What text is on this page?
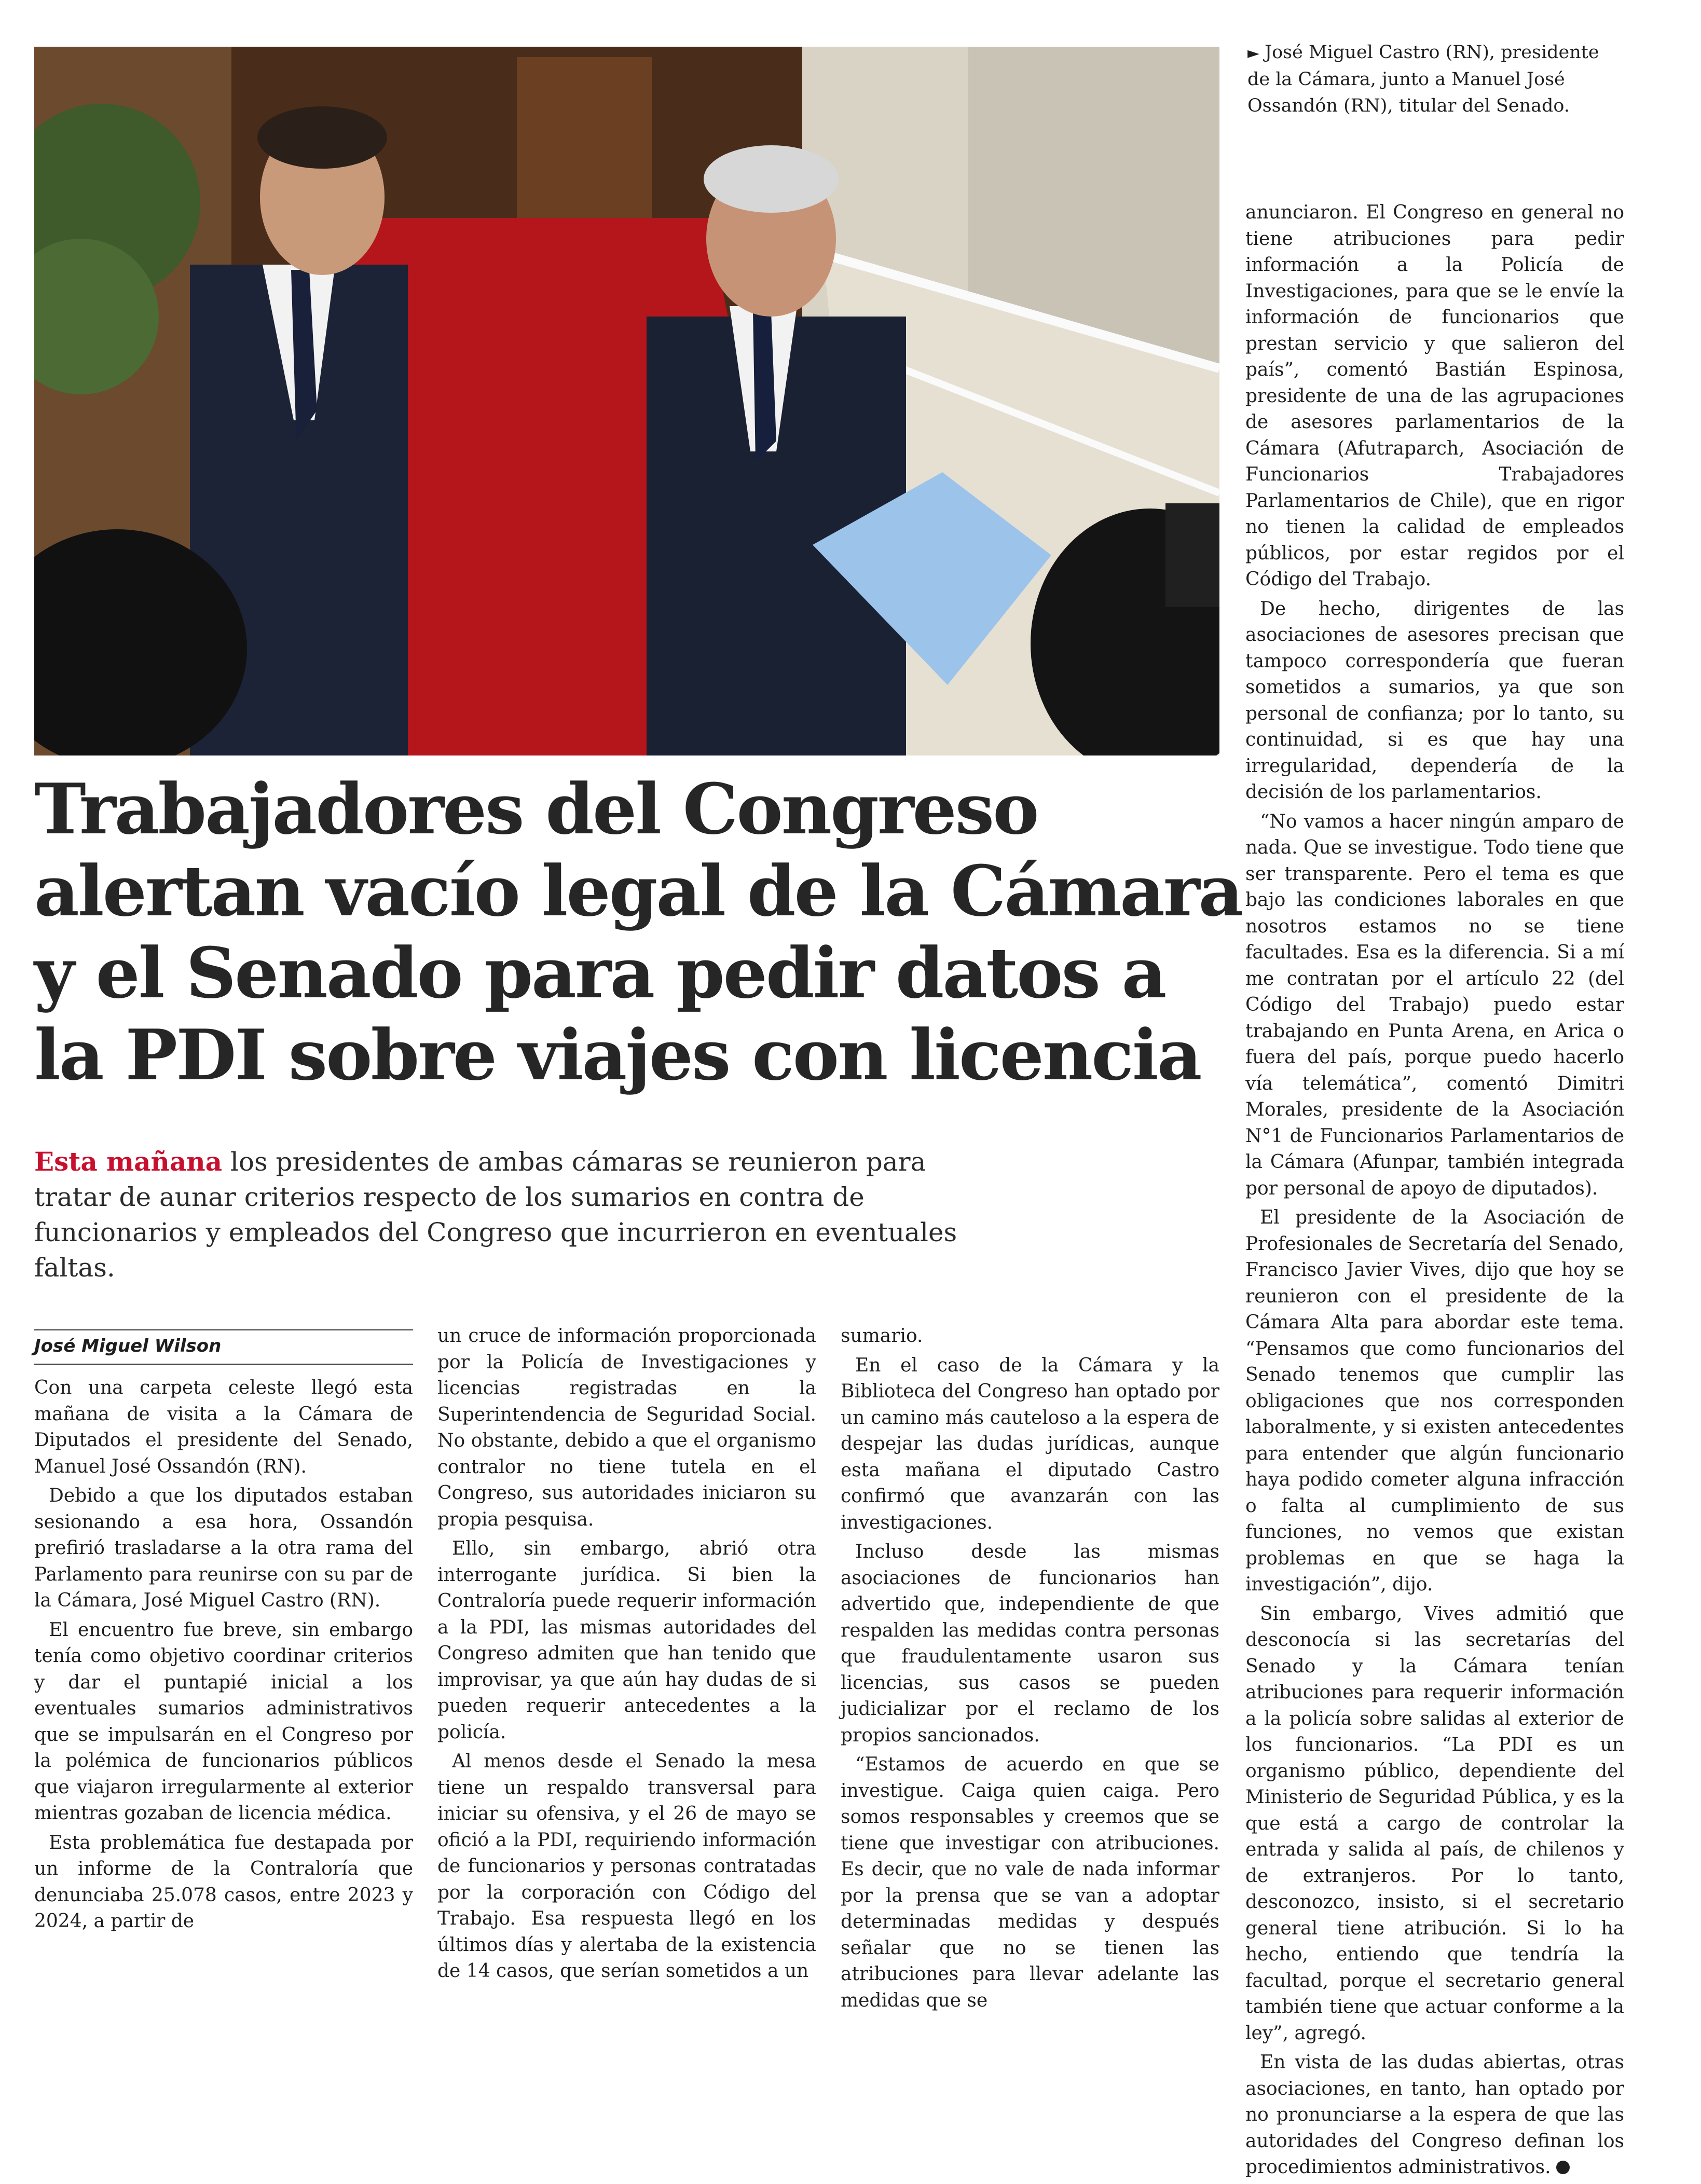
► José Miguel Castro (RN), presidente de la Cámara, junto a Manuel José Ossandón (RN), titular del Senado.
Trabajadores del Congreso
alertan vacío legal de la Cámara
y el Senado para pedir datos a
la PDI sobre viajes con licencia
Esta mañana los presidentes de ambas cámaras se reunieron para tratar de aunar criterios respecto de los sumarios en contra de funcionarios y empleados del Congreso que incurrieron en eventuales faltas.
José Miguel Wilson

Con una carpeta celeste llegó esta mañana de visita a la Cámara de Diputados el presidente del Senado, Manuel José Ossandón (RN).

Debido a que los diputados estaban sesionando a esa hora, Ossandón prefirió trasladarse a la otra rama del Parlamento para reunirse con su par de la Cámara, José Miguel Castro (RN).

El encuentro fue breve, sin embargo tenía como objetivo coordinar criterios y dar el puntapié inicial a los eventuales sumarios administrativos que se impulsarán en el Congreso por la polémica de funcionarios públicos que viajaron irregularmente al exterior mientras gozaban de licencia médica.

Esta problemática fue destapada por un informe de la Contraloría que denunciaba 25.078 casos, entre 2023 y 2024, a partir de

un cruce de información proporcionada por la Policía de Investigaciones y licencias registradas en la Superintendencia de Seguridad Social. No obstante, debido a que el organismo contralor no tiene tutela en el Congreso, sus autoridades iniciaron su propia pesquisa.

Ello, sin embargo, abrió otra interrogante jurídica. Si bien la Contraloría puede requerir información a la PDI, las mismas autoridades del Congreso admiten que han tenido que improvisar, ya que aún hay dudas de si pueden requerir antecedentes a la policía.

Al menos desde el Senado la mesa tiene un respaldo transversal para iniciar su ofensiva, y el 26 de mayo se ofició a la PDI, requiriendo información de funcionarios y personas contratadas por la corporación con Código del Trabajo. Esa respuesta llegó en los últimos días y alertaba de la existencia de 14 casos, que serían sometidos a un

sumario.

En el caso de la Cámara y la Biblioteca del Congreso han optado por un camino más cauteloso a la espera de despejar las dudas jurídicas, aunque esta mañana el diputado Castro confirmó que avanzarán con las investigaciones.

Incluso desde las mismas asociaciones de funcionarios han advertido que, independiente de que respalden las medidas contra personas que fraudulentamente usaron sus licencias, sus casos se pueden judicializar por el reclamo de los propios sancionados.

“Estamos de acuerdo en que se investigue. Caiga quien caiga. Pero somos responsables y creemos que se tiene que investigar con atribuciones. Es decir, que no vale de nada informar por la prensa que se van a adoptar determinadas medidas y después señalar que no se tienen las atribuciones para llevar adelante las medidas que se

anunciaron. El Congreso en general no tiene atribuciones para pedir información a la Policía de Investigaciones, para que se le envíe la información de funcionarios que prestan servicio y que salieron del país”, comentó Bastián Espinosa, presidente de una de las agrupaciones de asesores parlamentarios de la Cámara (Afutraparch, Asociación de Funcionarios Trabajadores Parlamentarios de Chile), que en rigor no tienen la calidad de empleados públicos, por estar regidos por el Código del Trabajo.

De hecho, dirigentes de las asociaciones de asesores precisan que tampoco correspondería que fueran sometidos a sumarios, ya que son personal de confianza; por lo tanto, su continuidad, si es que hay una irregularidad, dependería de la decisión de los parlamentarios.

“No vamos a hacer ningún amparo de nada. Que se investigue. Todo tiene que ser transparente. Pero el tema es que bajo las condiciones laborales en que nosotros estamos no se tiene facultades. Esa es la diferencia. Si a mí me contratan por el artículo 22 (del Código del Trabajo) puedo estar trabajando en Punta Arena, en Arica o fuera del país, porque puedo hacerlo vía telemática”, comentó Dimitri Morales, presidente de la Asociación N°1 de Funcionarios Parlamentarios de la Cámara (Afunpar, también integrada por personal de apoyo de diputados).

El presidente de la Asociación de Profesionales de Secretaría del Senado, Francisco Javier Vives, dijo que hoy se reunieron con el presidente de la Cámara Alta para abordar este tema. “Pensamos que como funcionarios del Senado tenemos que cumplir las obligaciones que nos corresponden laboralmente, y si existen antecedentes para entender que algún funcionario haya podido cometer alguna infracción o falta al cumplimiento de sus funciones, no vemos que existan problemas en que se haga la investigación”, dijo.

Sin embargo, Vives admitió que desconocía si las secretarías del Senado y la Cámara tenían atribuciones para requerir información a la policía sobre salidas al exterior de los funcionarios. “La PDI es un organismo público, dependiente del Ministerio de Seguridad Pública, y es la que está a cargo de controlar la entrada y salida al país, de chilenos y de extranjeros. Por lo tanto, desconozco, insisto, si el secretario general tiene atribución. Si lo ha hecho, entiendo que tendría la facultad, porque el secretario general también tiene que actuar conforme a la ley”, agregó.

En vista de las dudas abiertas, otras asociaciones, en tanto, han optado por no pronunciarse a la espera de que las autoridades del Congreso definan los procedimientos administrativos.
